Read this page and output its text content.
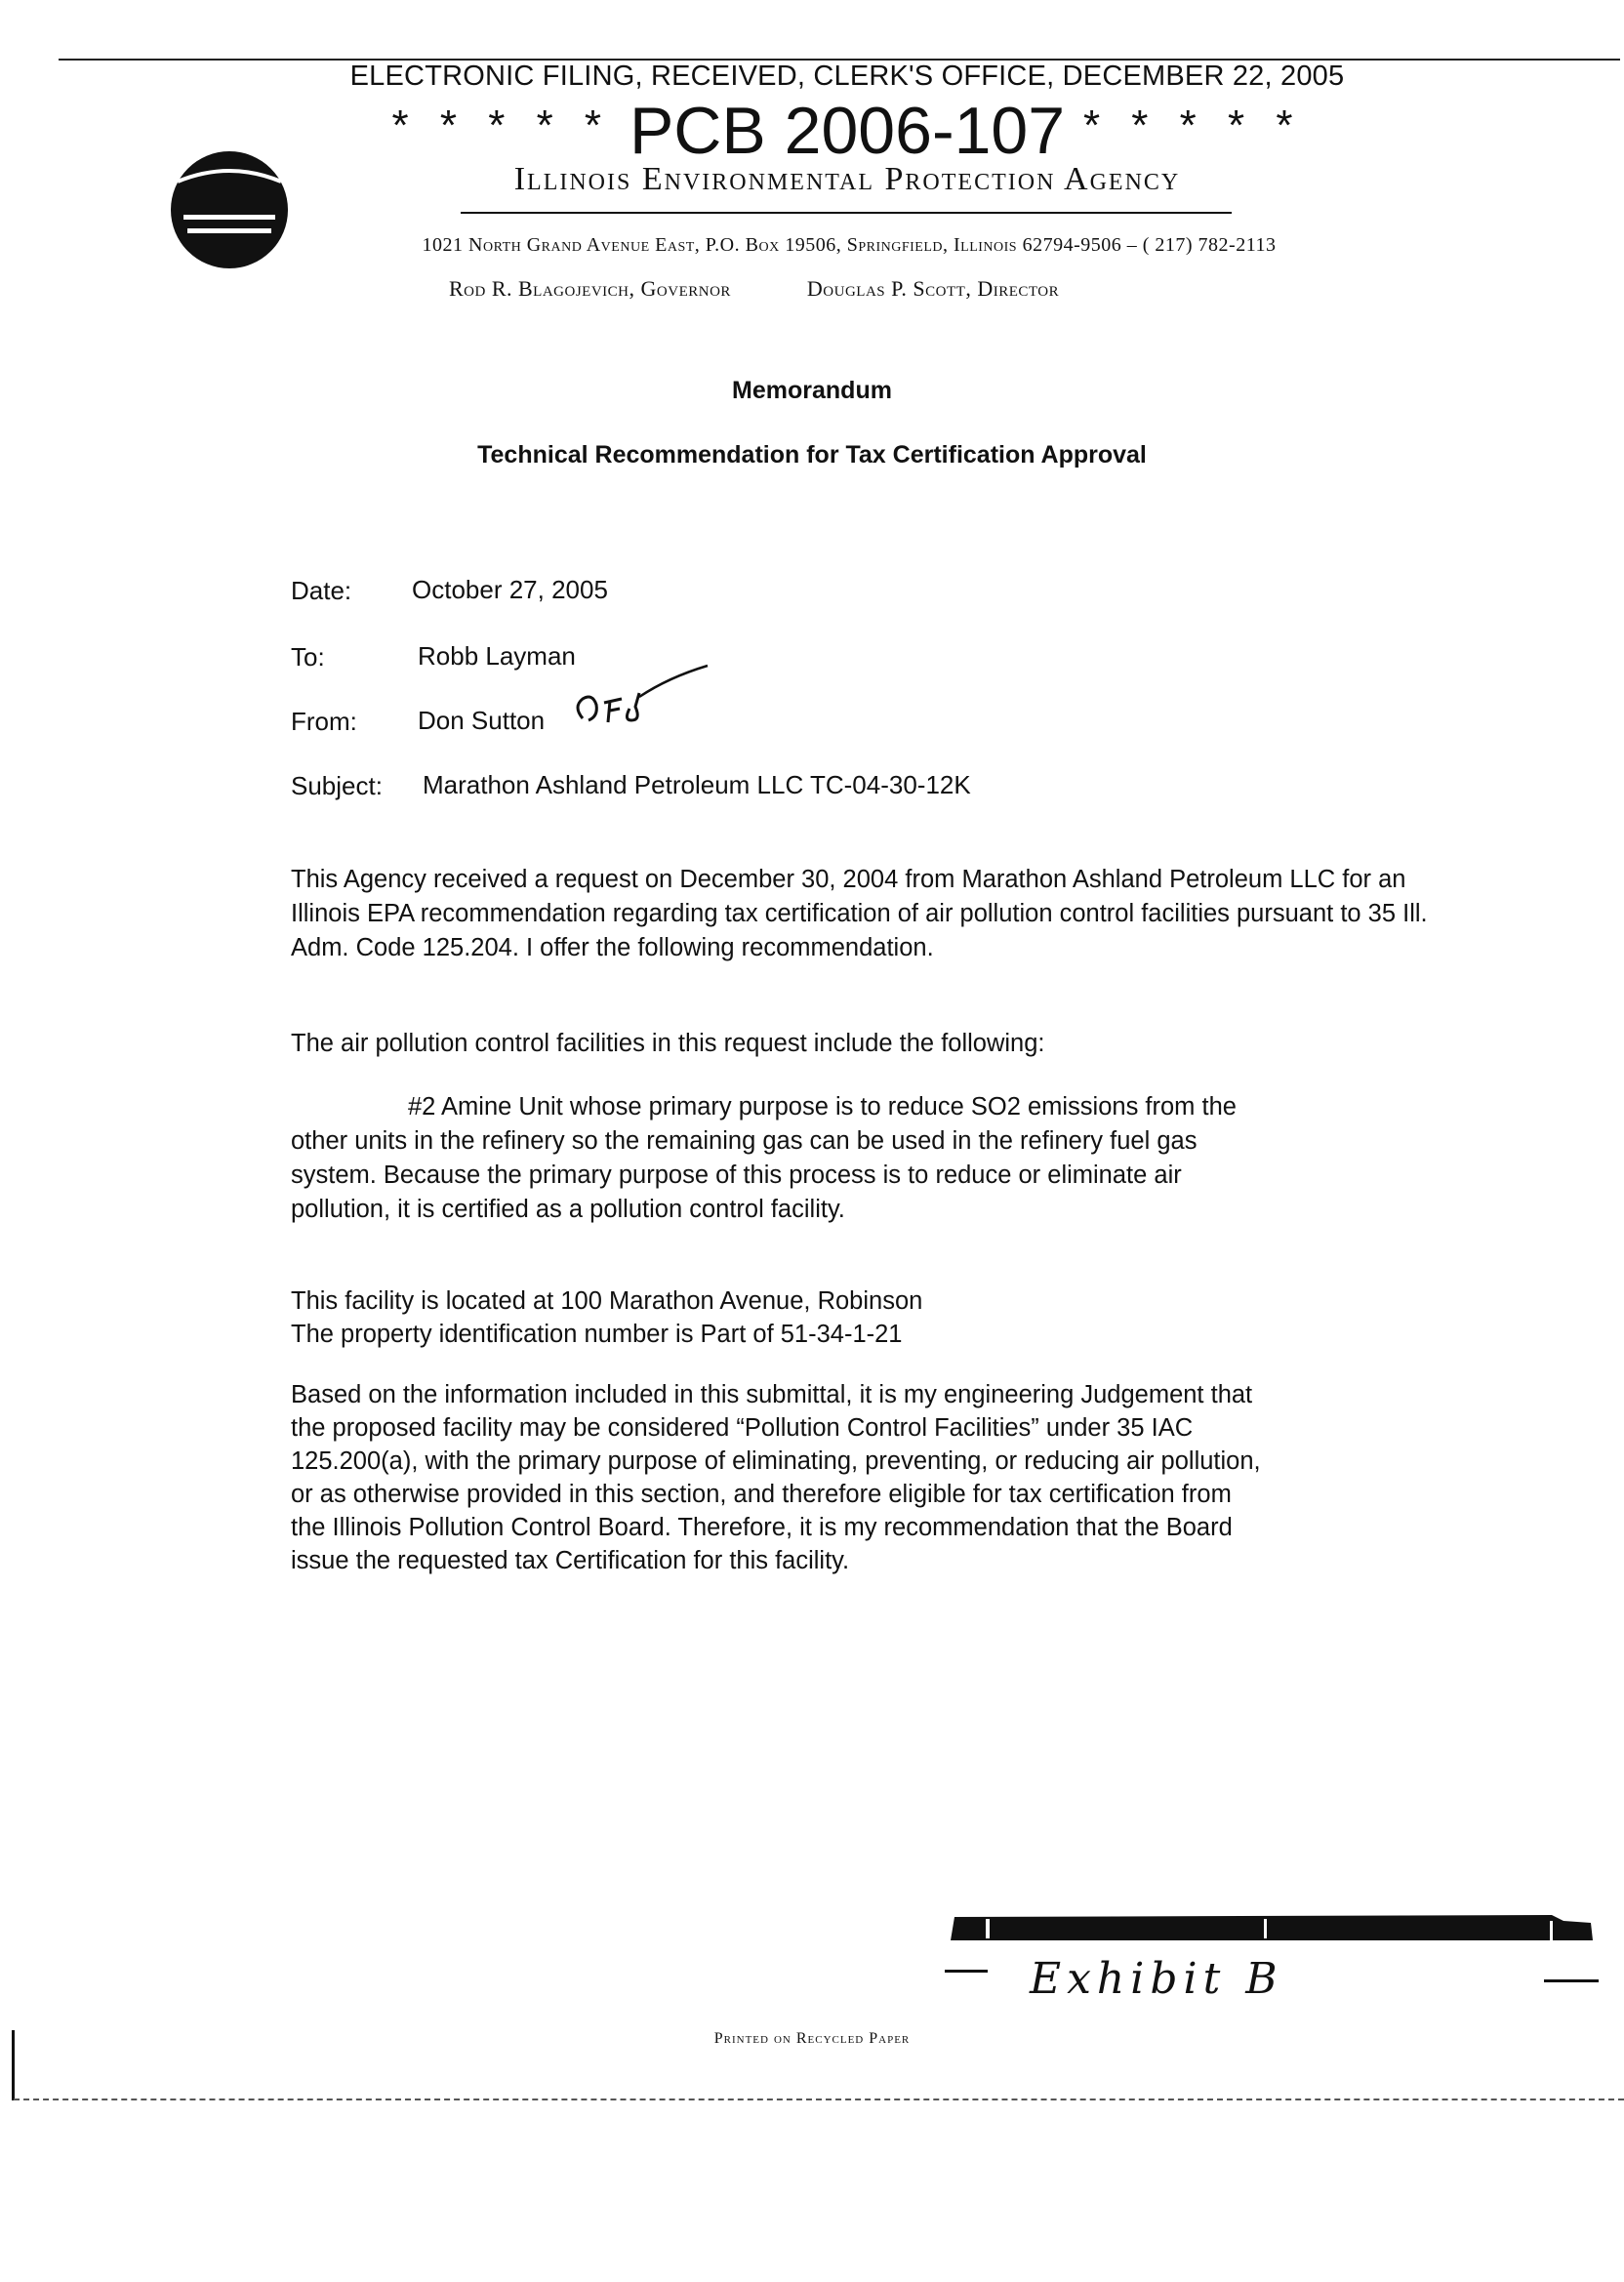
ELECTRONIC FILING, RECEIVED, CLERK'S OFFICE, DECEMBER 22, 2005
* * * * * PCB 2006-107 * * * * *
Illinois Environmental Protection Agency
1021 North Grand Avenue East, P.O. Box 19506, Springfield, Illinois 62794-9506 – ( 217) 782-2113
Rod R. Blagojevich, Governor	Douglas P. Scott, Director
Memorandum
Technical Recommendation for Tax Certification Approval
Date: October 27, 2005
To:	Robb Layman
From: Don Sutton
Subject: Marathon Ashland Petroleum LLC TC-04-30-12K
This Agency received a request on December 30, 2004 from Marathon Ashland Petroleum LLC for an
Illinois EPA recommendation regarding tax certification of air pollution control facilities pursuant to 35 Ill.
Adm. Code 125.204. I offer the following recommendation.
The air pollution control facilities in this request include the following:
#2 Amine Unit whose primary purpose is to reduce SO2 emissions from the
other units in the refinery so the remaining gas can be used in the refinery fuel gas
system. Because the primary purpose of this process is to reduce or eliminate air
pollution, it is certified as a pollution control facility.
This facility is located at 100 Marathon Avenue, Robinson
The property identification number is Part of 51-34-1-21
Based on the information included in this submittal, it is my engineering Judgement that
the proposed facility may be considered “Pollution Control Facilities” under 35 IAC
125.200(a), with the primary purpose of eliminating, preventing, or reducing air pollution,
or as otherwise provided in this section, and therefore eligible for tax certification from
the Illinois Pollution Control Board. Therefore, it is my recommendation that the Board
issue the requested tax Certification for this facility.
Exhibit B
Printed on Recycled Paper
